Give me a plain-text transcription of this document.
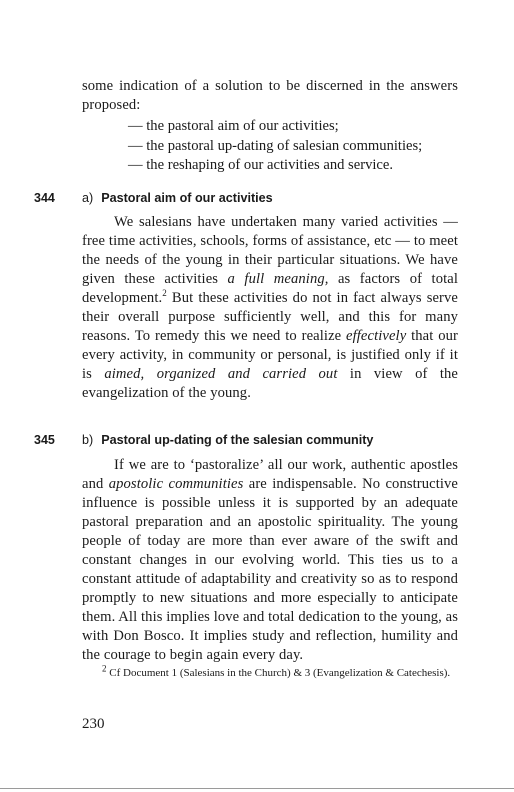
some indication of a solution to be discerned in the answers proposed:
— the pastoral aim of our activities;
— the pastoral up-dating of salesian communities;
— the reshaping of our activities and service.
344 a) Pastoral aim of our activities
We salesians have undertaken many varied activities — free time activities, schools, forms of assistance, etc — to meet the needs of the young in their particular situations. We have given these activities a full meaning, as factors of total development.$^2$ But these activities do not in fact always serve their overall purpose sufficiently well, and this for many reasons. To remedy this we need to realize effectively that our every activity, in community or personal, is justified only if it is aimed, organized and carried out in view of the evangelization of the young.
345 b) Pastoral up-dating of the salesian community
If we are to ‘pastoralize’ all our work, authentic apostles and apostolic communities are indispensable. No constructive influence is possible unless it is supported by an adequate pastoral preparation and an apostolic spirituality. The young people of today are more than ever aware of the swift and constant changes in our evolving world. This ties us to a constant attitude of adaptability and creativity so as to respond promptly to new situations and more especially to anticipate them. All this implies love and total dedication to the young, as with Don Bosco. It implies study and reflection, humility and the courage to begin again every day.
$^2$ Cf Document 1 (Salesians in the Church) & 3 (Evangelization & Catechesis).
230
